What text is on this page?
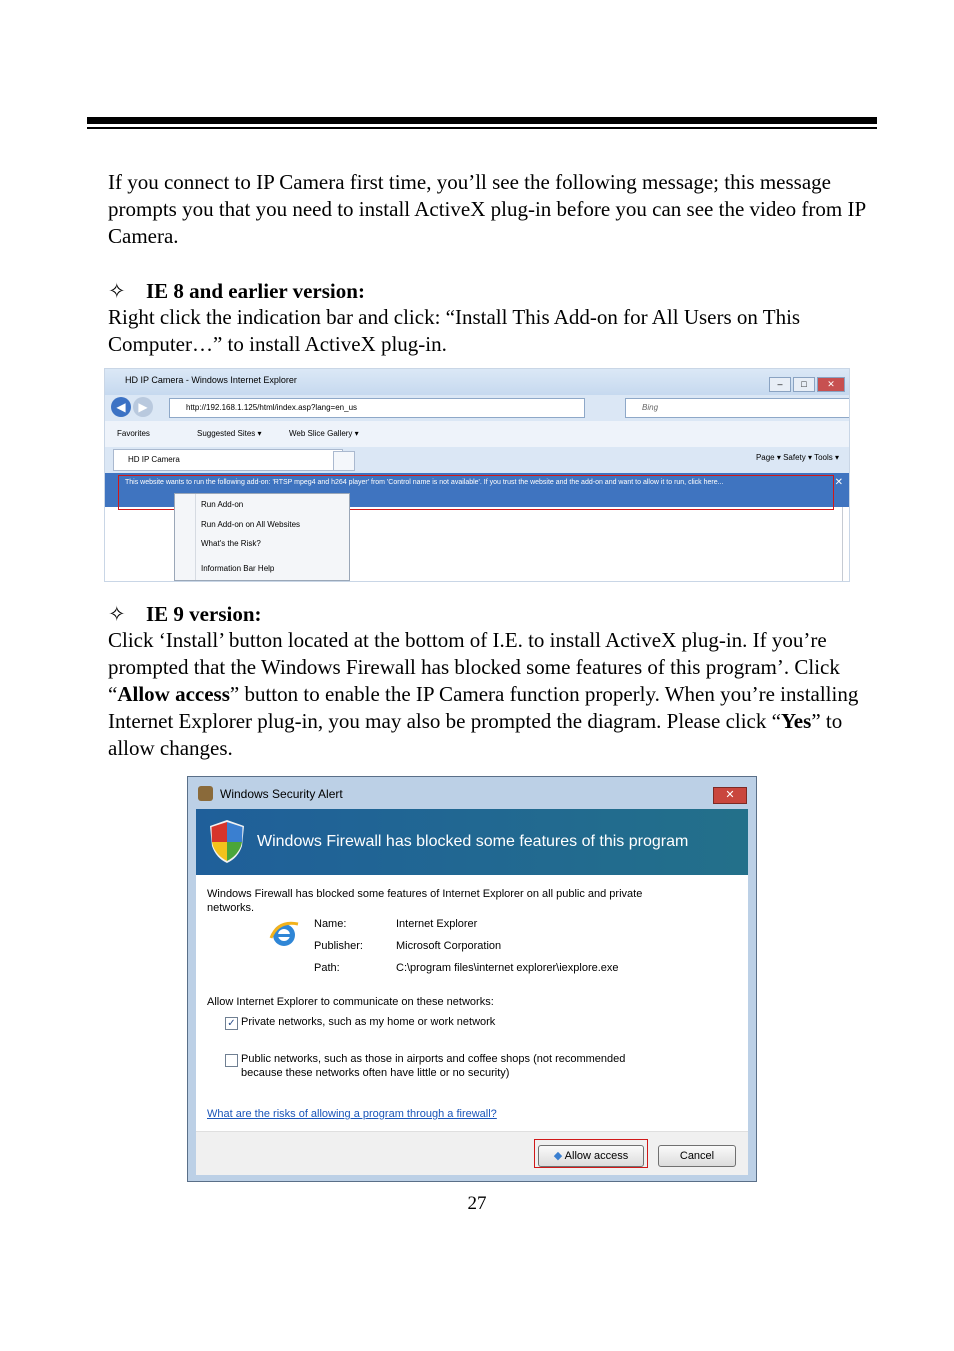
If you connect to IP Camera first time, you’ll see the following message; this message prompts you that you need to install ActiveX plug-in before you can see the video from IP Camera.

✧ IE 8 and earlier version:

Right click the indication bar and click: “Install This Add-on for All Users on This Computer…” to install ActiveX plug-in.

HD IP Camera - Windows Internet Explorer	– □ ✕
◀	▶	http://192.168.1.125/html/index.asp?lang=en_us	Bing
Favorites	Suggested Sites ▾	Web Slice Gallery ▾
HD IP Camera	Page ▾ Safety ▾ Tools ▾
This website wants to run the following add-on: 'RTSP mpeg4 and h264 player' from 'Control name is not available'. If you trust the website and the add-on and want to allow it to run, click here...	✕
Run Add-on
Run Add-on on All Websites
What's the Risk?
Information Bar Help
✧ IE 9 version:

Click ‘Install’ button located at the bottom of I.E. to install ActiveX plug-in. If you’re prompted that the Windows Firewall has blocked some features of this program’. Click “Allow access” button to enable the IP Camera function properly. When you’re installing Internet Explorer plug-in, you may also be prompted the diagram. Please click “Yes” to allow changes.

Windows Security Alert	✕
Windows Firewall has blocked some features of this program
Windows Firewall has blocked some features of Internet Explorer on all public and private networks.
Name:	Internet Explorer
Publisher:	Microsoft Corporation
Path:	C:\program files\internet explorer\iexplore.exe
Allow Internet Explorer to communicate on these networks:
✓ Private networks, such as my home or work network
Public networks, such as those in airports and coffee shops (not recommended because these networks often have little or no security)
What are the risks of allowing a program through a firewall?
◆ Allow access	Cancel
27
